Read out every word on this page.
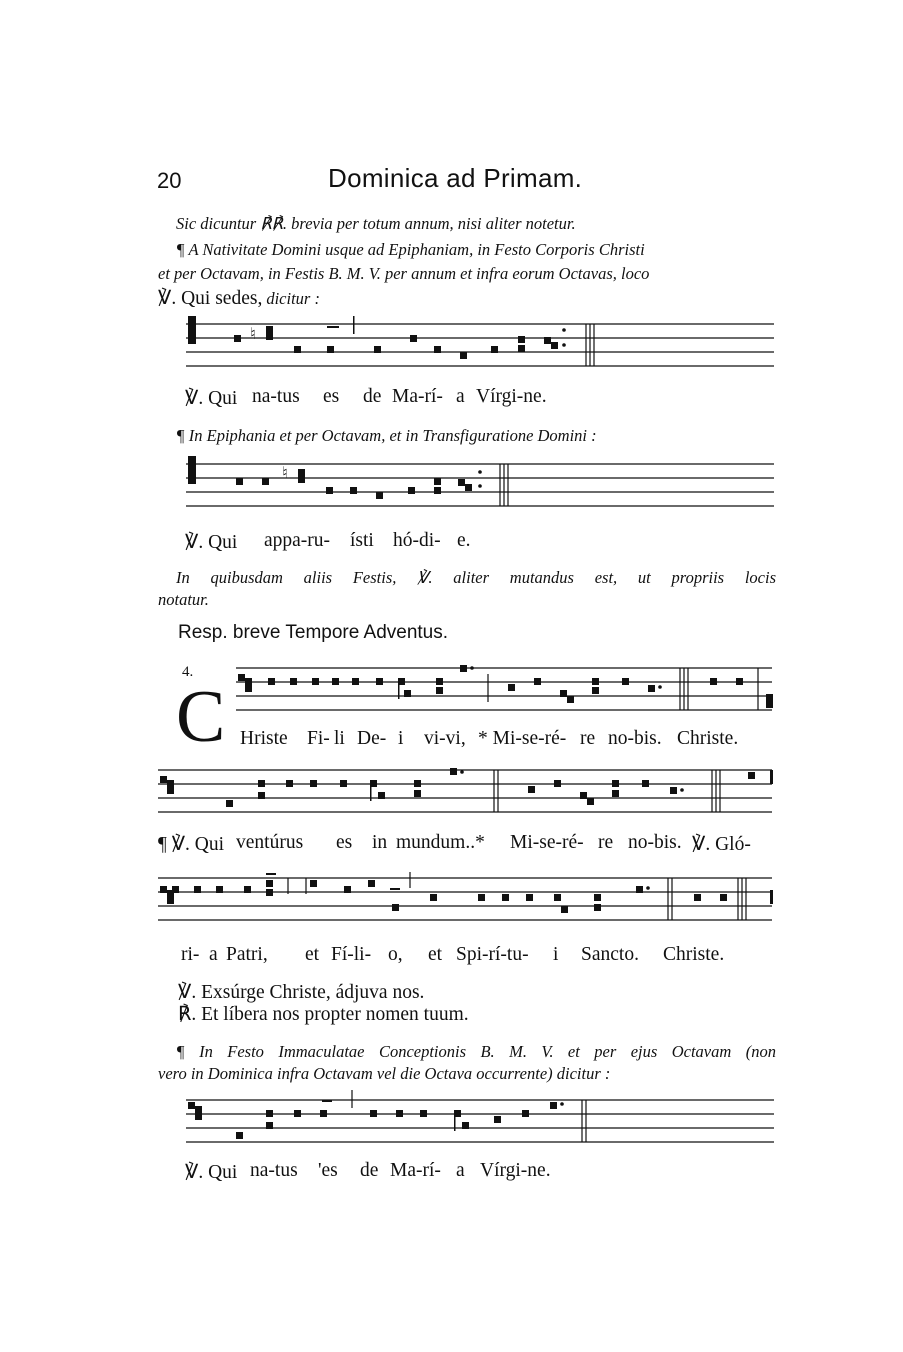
20	Dominica ad Primam.
Sic dicuntur ℟℟. brevia per totum annum, nisi aliter notetur.
¶ A Nativitate Domini usque ad Epiphaniam, in Festo Corporis Christi
et per Octavam, in Festis B. M. V. per annum et infra eorum Octavas, loco
℣. Qui sedes, dicitur :
♮
℣. Qui na-tus es de Ma-rí- a Vírgi-ne.
¶ In Epiphania et per Octavam, et in Transfiguratione Domini :
♮
℣. Qui appa-ru- ísti hó-di- e.
In quibusdam aliis Festis, ℣. aliter mutandus est, ut propriis locis
notatur.
Resp. breve Tempore Adventus.
4.
C Hriste Fi- li De- i vi-vi, * Mi-se-ré- re no-bis. Christe.
¶ ℣. Qui ventúrus es in mundum..* Mi-se-ré- re no-bis. ℣. Gló-
ri- a Patri, et Fí-li- o, et Spi-rí-tu- i Sancto. Christe.
℣. Exsúrge Christe, ádjuva nos.
℟. Et líbera nos propter nomen tuum.
¶ In Festo Immaculatae Conceptionis B. M. V. et per ejus Octavam (non
vero in Dominica infra Octavam vel die Octava occurrente) dicitur :
℣. Qui na-tus 'es de Ma-rí- a Vírgi-ne.
